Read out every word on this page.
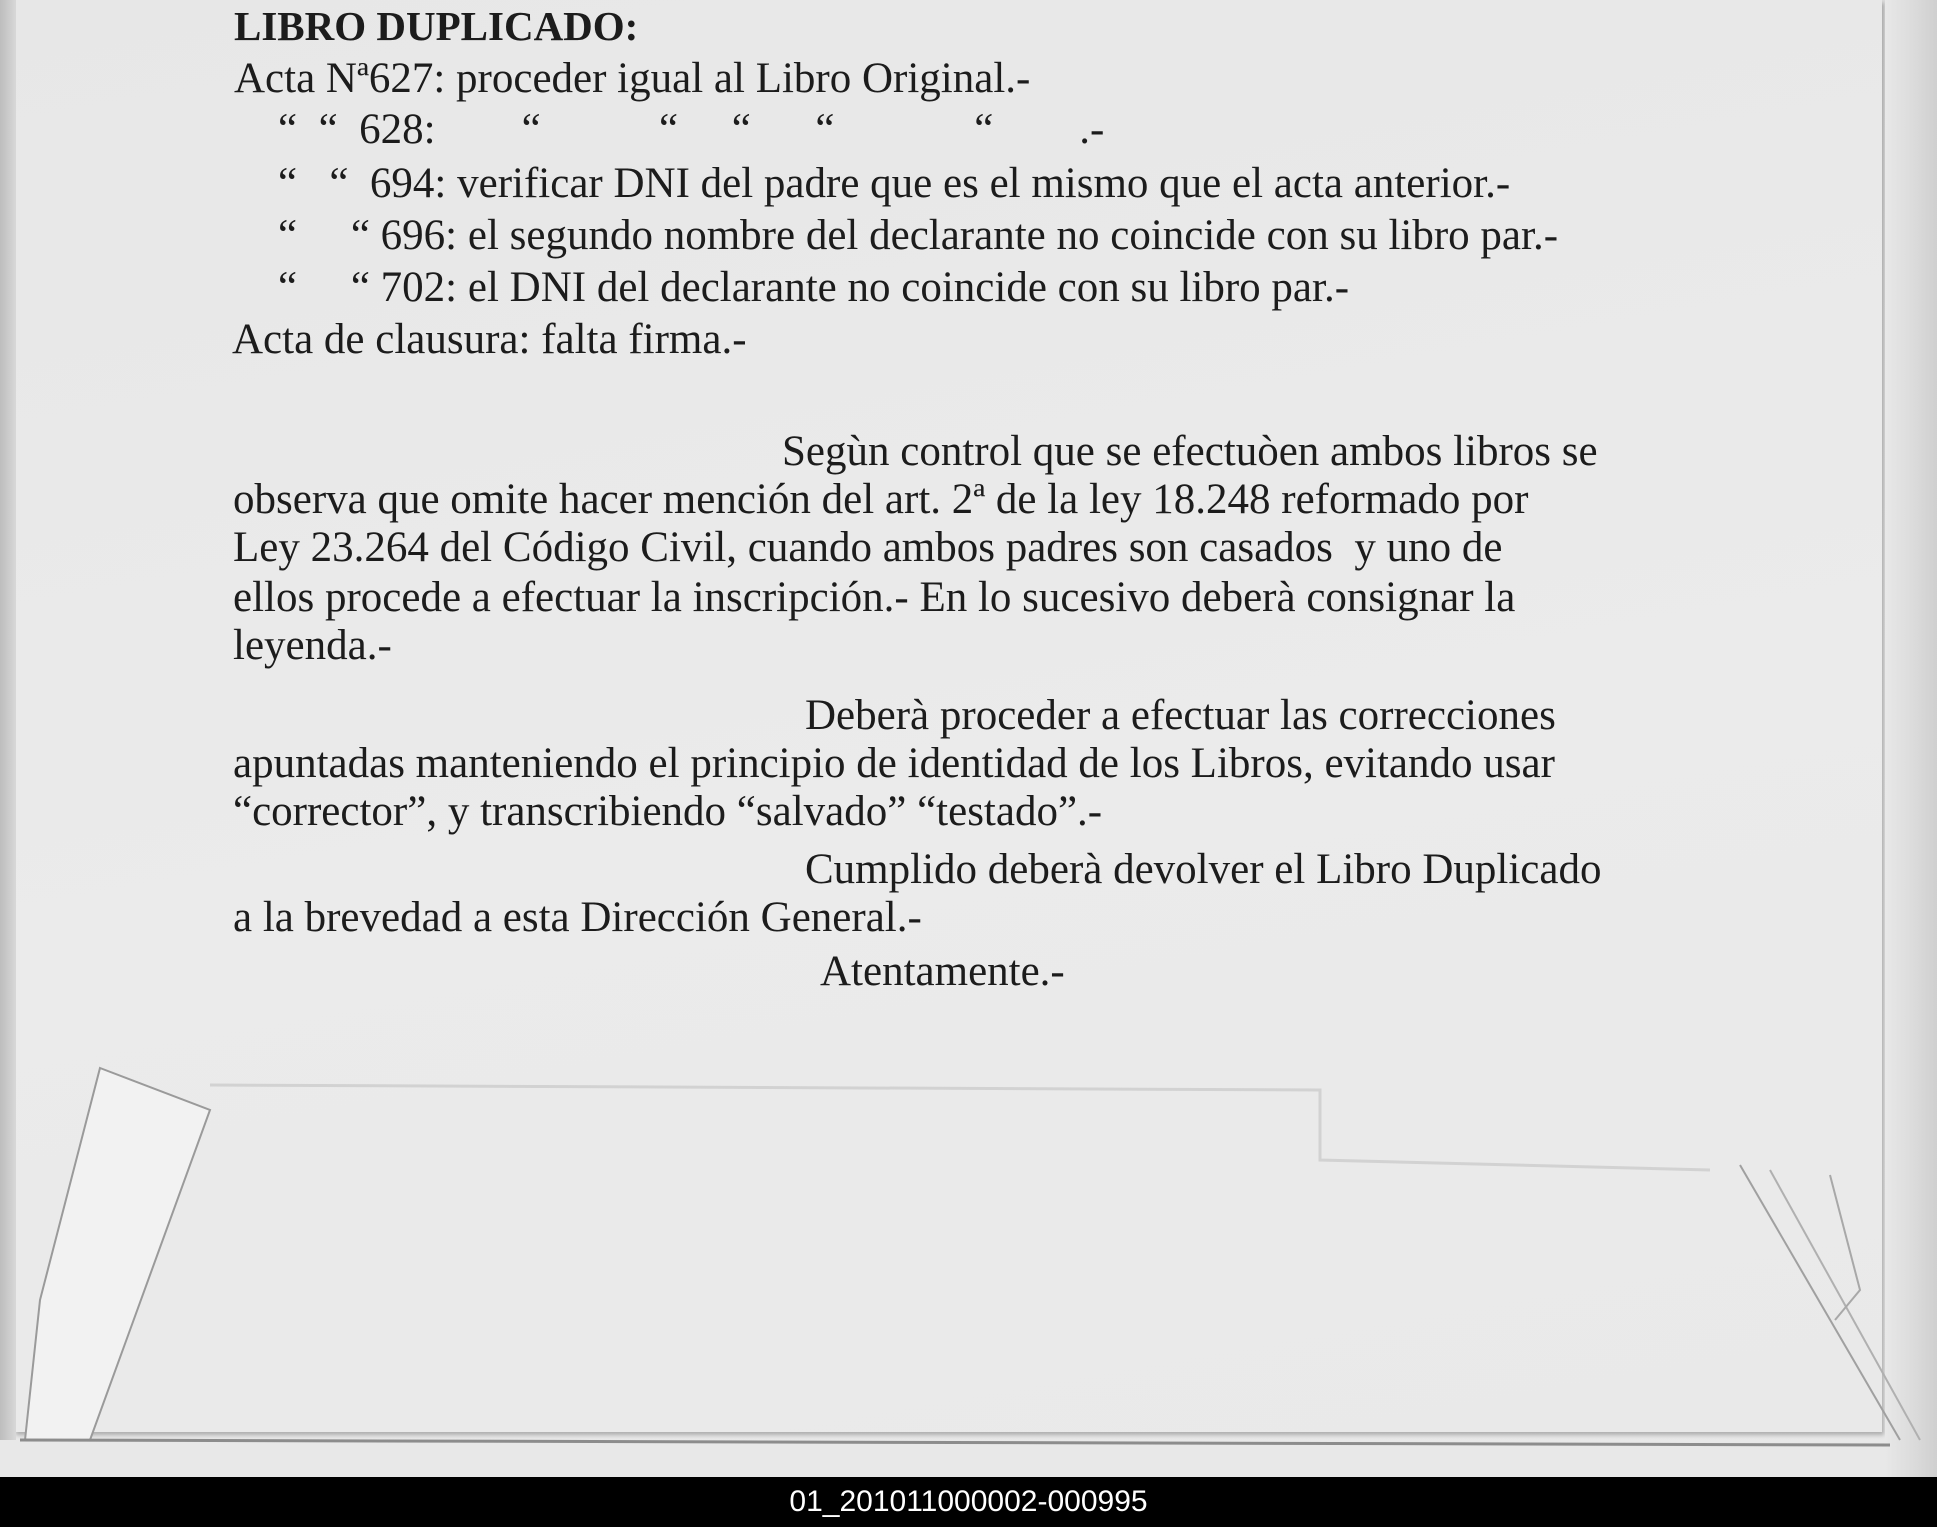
LIBRO DUPLICADO:
Acta Nª627: proceder igual al Libro Original.-
“  “  628:        “           “     “      “             “        .-
“   “  694: verificar DNI del padre que es el mismo que el acta anterior.-
“     “ 696: el segundo nombre del declarante no coincide con su libro par.-
“     “ 702: el DNI del declarante no coincide con su libro par.-
Acta de clausura: falta firma.-
Segùn control que se efectuòen ambos libros se
observa que omite hacer mención del art. 2ª de la ley 18.248 reformado por
Ley 23.264 del Código Civil, cuando ambos padres son casados  y uno de
ellos procede a efectuar la inscripción.- En lo sucesivo deberà consignar la
leyenda.-
Deberà proceder a efectuar las correcciones
apuntadas manteniendo el principio de identidad de los Libros, evitando usar
“corrector”, y transcribiendo “salvado” “testado”.-
Cumplido deberà devolver el Libro Duplicado
a la brevedad a esta Dirección General.-
Atentamente.-
01_201011000002-000995
